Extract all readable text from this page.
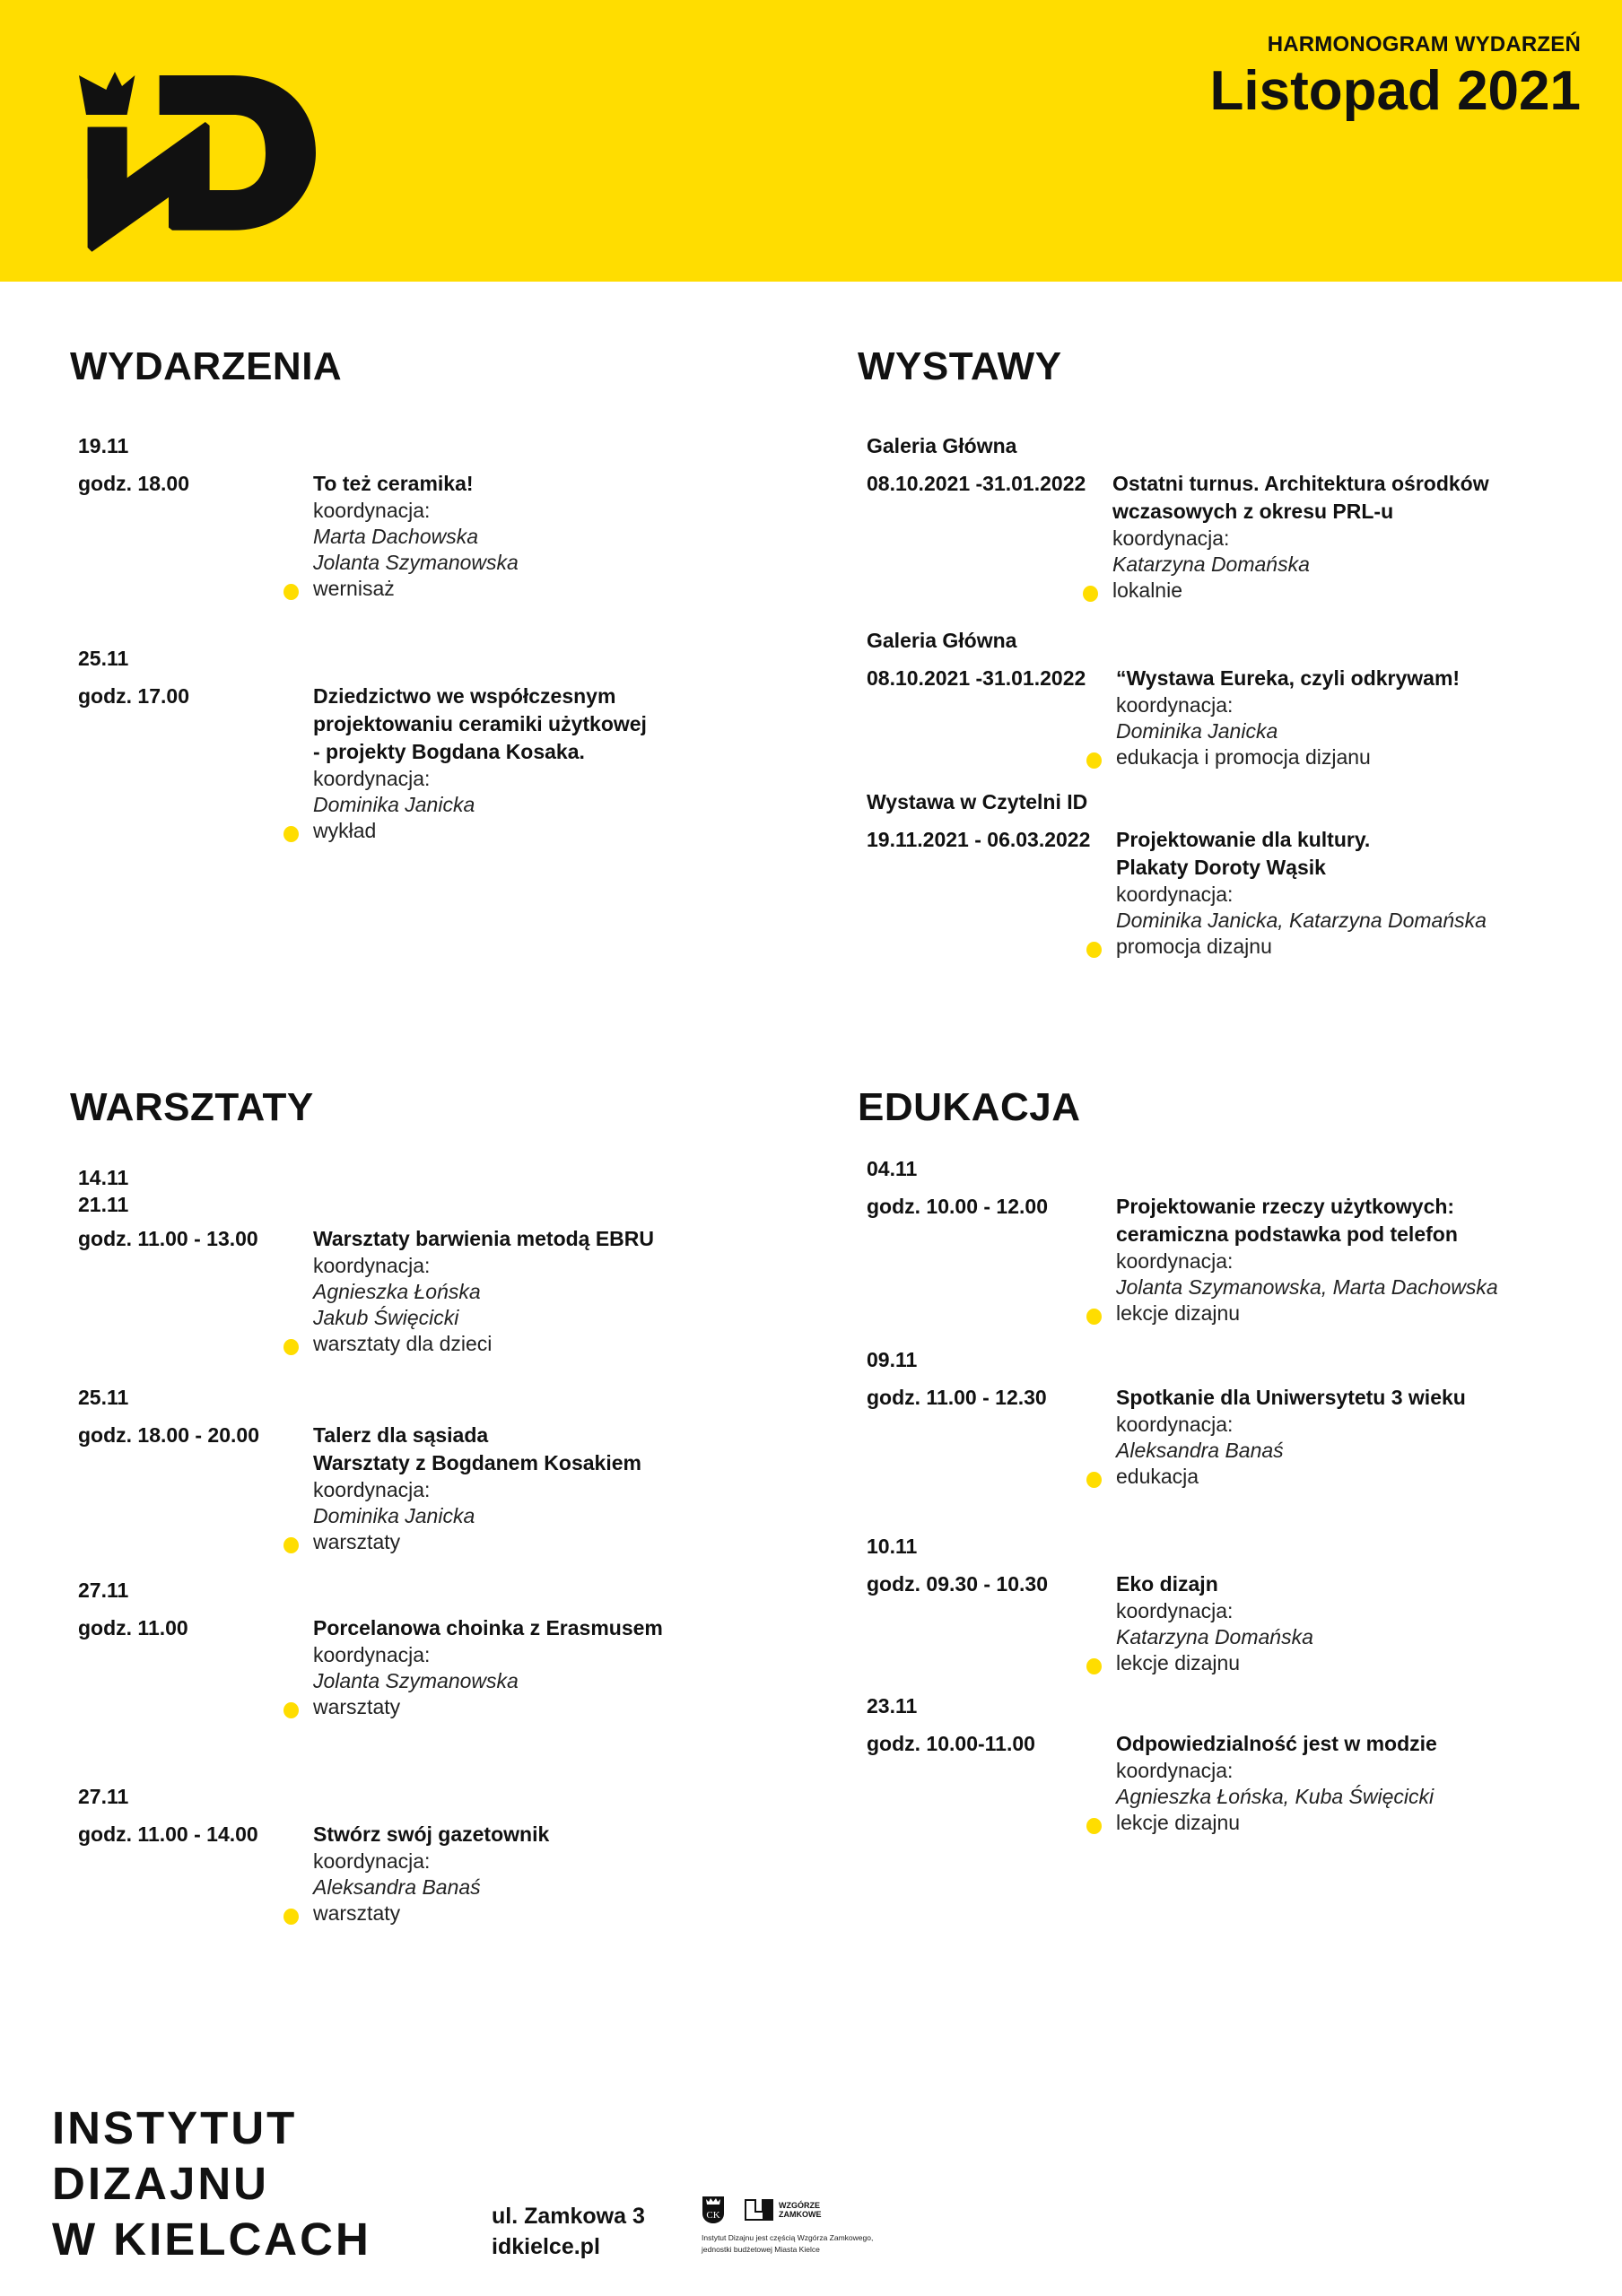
HARMONOGRAM WYDARZEŃ
Listopad 2021
WYDARZENIA
19.11
godz. 18.00	To też ceramika!
koordynacja:
Marta Dachowska
Jolanta Szymanowska
wernisaż
25.11
godz. 17.00	Dziedzictwo we współczesnym
projektowaniu ceramiki użytkowej
- projekty Bogdana Kosaka.
koordynacja:
Dominika Janicka
wykład
WYSTAWY
Galeria Główna
08.10.2021 -31.01.2022	Ostatni turnus. Architektura ośrodków
wczasowych z okresu PRL-u
koordynacja:
Katarzyna Domańska
lokalnie
Galeria Główna
08.10.2021 -31.01.2022	“Wystawa Eureka, czyli odkrywam!
koordynacja:
Dominika Janicka
edukacja i promocja dizjanu
Wystawa w Czytelni ID
19.11.2021 - 06.03.2022	Projektowanie dla kultury.
Plakaty Doroty Wąsik
koordynacja:
Dominika Janicka, Katarzyna Domańska
promocja dizajnu
WARSZTATY
14.11
21.11
godz. 11.00 - 13.00	Warsztaty barwienia metodą EBRU
koordynacja:
Agnieszka Łońska
Jakub Święcicki
warsztaty dla dzieci
25.11
godz. 18.00 - 20.00	Talerz dla sąsiada
Warsztaty z Bogdanem Kosakiem
koordynacja:
Dominika Janicka
warsztaty
27.11
godz. 11.00	Porcelanowa choinka z Erasmusem
koordynacja:
Jolanta Szymanowska
warsztaty
27.11
godz. 11.00 - 14.00	Stwórz swój gazetownik
koordynacja:
Aleksandra Banaś
warsztaty
EDUKACJA
04.11
godz. 10.00 - 12.00	Projektowanie rzeczy użytkowych:
ceramiczna podstawka pod telefon
koordynacja:
Jolanta Szymanowska, Marta Dachowska
lekcje dizajnu
09.11
godz. 11.00 - 12.30	Spotkanie dla Uniwersytetu 3 wieku
koordynacja:
Aleksandra Banaś
edukacja
10.11
godz. 09.30 - 10.30	Eko dizajn
koordynacja:
Katarzyna Domańska
lekcje dizajnu
23.11
godz. 10.00-11.00	Odpowiedzialność jest w modzie
koordynacja:
Agnieszka Łońska, Kuba Święcicki
lekcje dizajnu
INSTYTUT
DIZAJNU
W KIELCACH	ul. Zamkowa 3
idkielce.pl
CK
WZGÓRZE
ZAMKOWE
Instytut Dizajnu jest częścią Wzgórza Zamkowego,
jednostki budżetowej Miasta Kielce
